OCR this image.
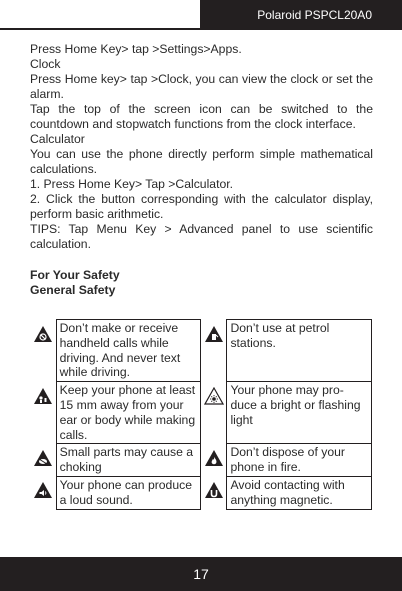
Polaroid PSPCL20A0

Press Home Key> tap >Settings>Apps.

Clock

Press Home key> tap >Clock, you can view the clock or set the alarm.

Tap the top of the screen icon can be switched to the countdown and stopwatch functions from the clock interface.

Calculator

You can use the phone directly perform simple mathematical calculations.

1. Press Home Key> Tap >Calculator.

2. Click the button corresponding with the calculator display, perform basic arithmetic.

TIPS: Tap Menu Key > Advanced panel to use scientific calculation.

For Your Safety

General Safety

	Don’t make or receive handheld calls while driving. And never text while driving.		Don’t use at petrol stations.

	Keep your phone at least 15 mm away from your ear or body while making calls.		Your phone may pro-duce a bright or flashing light

	Small parts may cause a choking		Don’t dispose of your phone in fire.

	Your phone can produce a loud sound.		Avoid contacting with anything magnetic.
17
